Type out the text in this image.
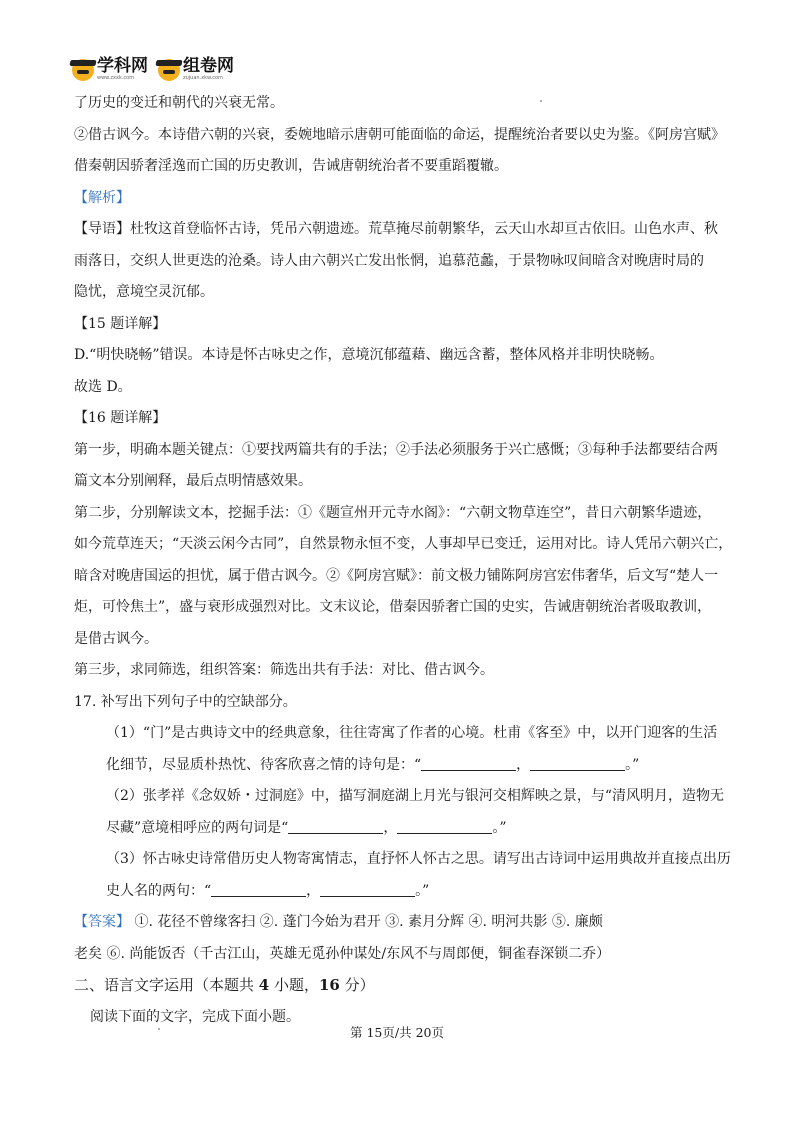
学科网
www.zxxk.com
组卷网
zujuan.xkw.com

了历史的变迁和朝代的兴衰无常。

②借古讽今。本诗借六朝的兴衰，委婉地暗示唐朝可能面临的命运，提醒统治者要以史为鉴。《阿房宫赋》

借秦朝因骄奢淫逸而亡国的历史教训，告诫唐朝统治者不要重蹈覆辙。

【解析】

【导语】杜牧这首登临怀古诗，凭吊六朝遗迹。荒草掩尽前朝繁华，云天山水却亘古依旧。山色水声、秋

雨落日，交织人世更迭的沧桑。诗人由六朝兴亡发出怅惘，追慕范蠡，于景物咏叹间暗含对晚唐时局的

隐忧，意境空灵沉郁。

【15 题详解】

D.“明快晓畅”错误。本诗是怀古咏史之作，意境沉郁蕴藉、幽远含蓄，整体风格并非明快晓畅。

故选 D。

【16 题详解】

第一步，明确本题关键点：①要找两篇共有的手法；②手法必须服务于兴亡感慨；③每种手法都要结合两

篇文本分别阐释，最后点明情感效果。

第二步，分别解读文本，挖掘手法：①《题宣州开元寺水阁》：“六朝文物草连空”，昔日六朝繁华遗迹，

如今荒草连天；“天淡云闲今古同”，自然景物永恒不变，人事却早已变迁，运用对比。诗人凭吊六朝兴亡，

暗含对晚唐国运的担忧，属于借古讽今。②《阿房宫赋》：前文极力铺陈阿房宫宏伟奢华，后文写“楚人一

炬，可怜焦土”，盛与衰形成强烈对比。文末议论，借秦因骄奢亡国的史实，告诫唐朝统治者吸取教训，

是借古讽今。

第三步，求同筛选，组织答案：筛选出共有手法：对比、借古讽今。

17. 补写出下列句子中的空缺部分。

（1）“门”是古典诗文中的经典意象，往往寄寓了作者的心境。杜甫《客至》中，以开门迎客的生活

化细节，尽显质朴热忱、待客欣喜之情的诗句是：“	，	。”

（2）张孝祥《念奴娇・过洞庭》中，描写洞庭湖上月光与银河交相辉映之景，与“清风明月，造物无

尽藏”意境相呼应的两句词是“	，	。”

（3）怀古咏史诗常借历史人物寄寓情志，直抒怀人怀古之思。请写出古诗词中运用典故并直接点出历

史人名的两句：“	，	。”

【答案】 ①. 花径不曾缘客扫 ②. 蓬门今始为君开 ③. 素月分辉 ④. 明河共影 ⑤. 廉颇

老矣 ⑥. 尚能饭否（千古江山，英雄无觅孙仲谋处/东风不与周郎便，铜雀春深锁二乔）

二、语言文字运用（本题共 4 小题，16 分）

阅读下面的文字，完成下面小题。

第 15页/共 20页
